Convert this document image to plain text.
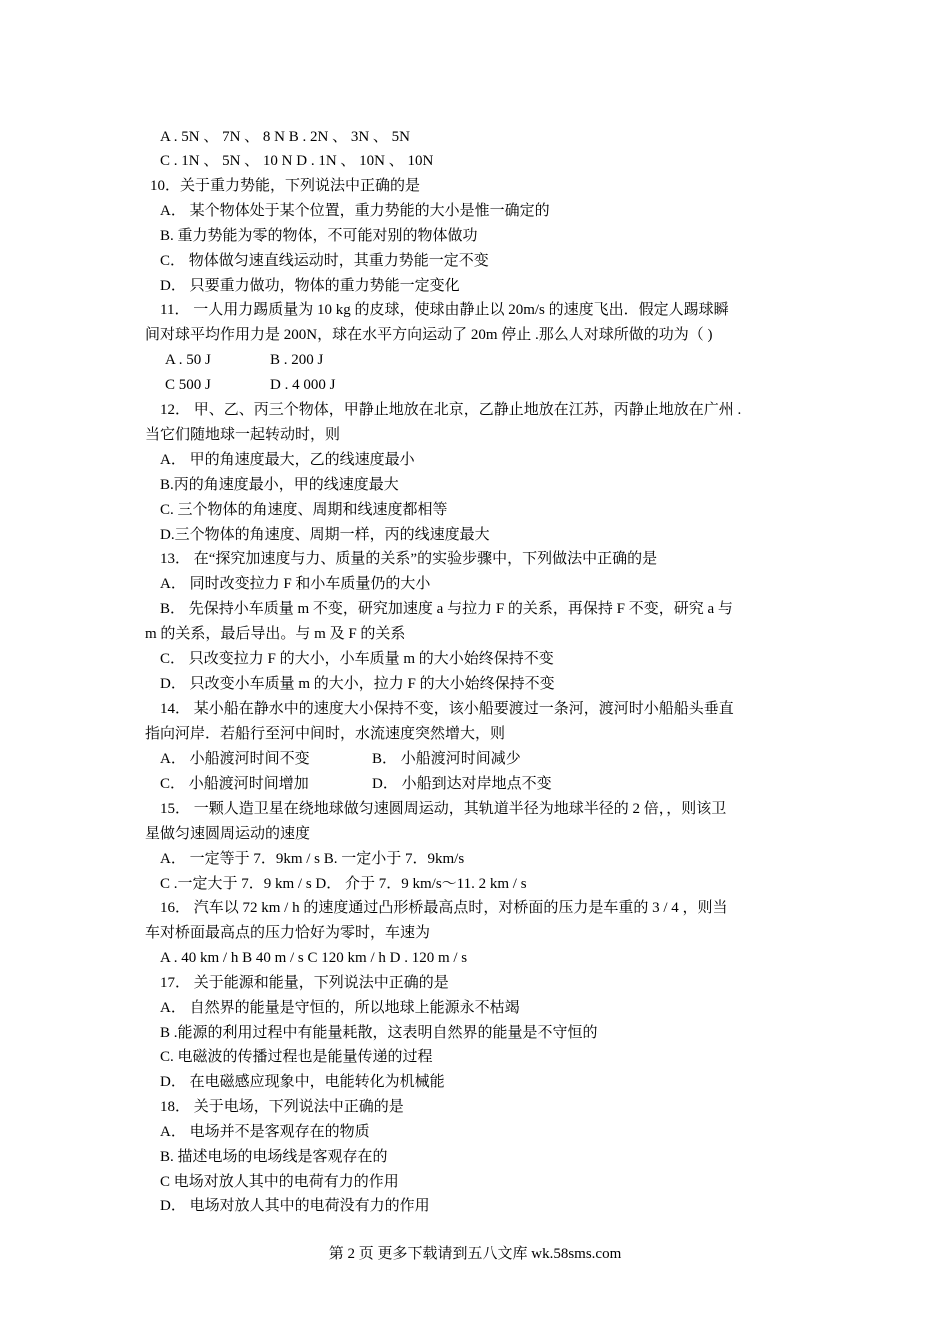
A . 5N 、 7N 、 8 N B . 2N 、 3N 、 5N
C . 1N 、 5N 、 10 N D . 1N 、 10N 、 10N
10．关于重力势能，下列说法中正确的是
A． 某个物体处于某个位置，重力势能的大小是惟一确定的
B. 重力势能为零的物体，不可能对别的物体做功
C． 物体做匀速直线运动时，其重力势能一定不变
D． 只要重力做功，物体的重力势能一定变化
11． 一人用力踢质量为 10 kg 的皮球，使球由静止以 20m/s 的速度飞出．假定人踢球瞬
间对球平均作用力是 200N，球在水平方向运动了 20m 停止 .那么人对球所做的功为（ )
A . 50 J	B . 200 J
C 500 J	D . 4 000 J
12． 甲、乙、丙三个物体，甲静止地放在北京，乙静止地放在江苏，丙静止地放在广州 .
当它们随地球一起转动时，则
A． 甲的角速度最大，乙的线速度最小
B.丙的角速度最小，甲的线速度最大
C. 三个物体的角速度、周期和线速度都相等
D.三个物体的角速度、周期一样，丙的线速度最大
13． 在“探究加速度与力、质量的关系”的实验步骤中，下列做法中正确的是
A． 同时改变拉力 F 和小车质量仍的大小
B． 先保持小车质量 m 不变，研究加速度 a 与拉力 F 的关系，再保持 F 不变，研究 a 与
m 的关系，最后导出。与 m 及 F 的关系
C． 只改变拉力 F 的大小，小车质量 m 的大小始终保持不变
D． 只改变小车质量 m 的大小，拉力 F 的大小始终保持不变
14． 某小船在静水中的速度大小保持不变，该小船要渡过一条河，渡河时小船船头垂直
指向河岸．若船行至河中间时，水流速度突然增大，则
A． 小船渡河时间不变	B． 小船渡河时间减少
C． 小船渡河时间增加	D． 小船到达对岸地点不变
15． 一颗人造卫星在绕地球做匀速圆周运动，其轨道半径为地球半径的 2 倍，，则该卫
星做匀速圆周运动的速度
A． 一定等于 7．9km / s B. 一定小于 7．9km/s
C .一定大于 7．9 km / s D． 介于 7．9 km/s～11. 2 km / s
16． 汽车以 72 km / h 的速度通过凸形桥最高点时，对桥面的压力是车重的 3 / 4 ，则当
车对桥面最高点的压力恰好为零时，车速为
A . 40 km / h B 40 m / s C 120 km / h D . 120 m / s
17． 关于能源和能量，下列说法中正确的是
A． 自然界的能量是守恒的，所以地球上能源永不枯竭
B .能源的利用过程中有能量耗散，这表明自然界的能量是不守恒的
C. 电磁波的传播过程也是能量传递的过程
D． 在电磁感应现象中，电能转化为机械能
18． 关于电场，下列说法中正确的是
A． 电场并不是客观存在的物质
B. 描述电场的电场线是客观存在的
C 电场对放人其中的电荷有力的作用
D． 电场对放人其中的电荷没有力的作用
第 2 页 更多下载请到五八文库 wk.58sms.com
